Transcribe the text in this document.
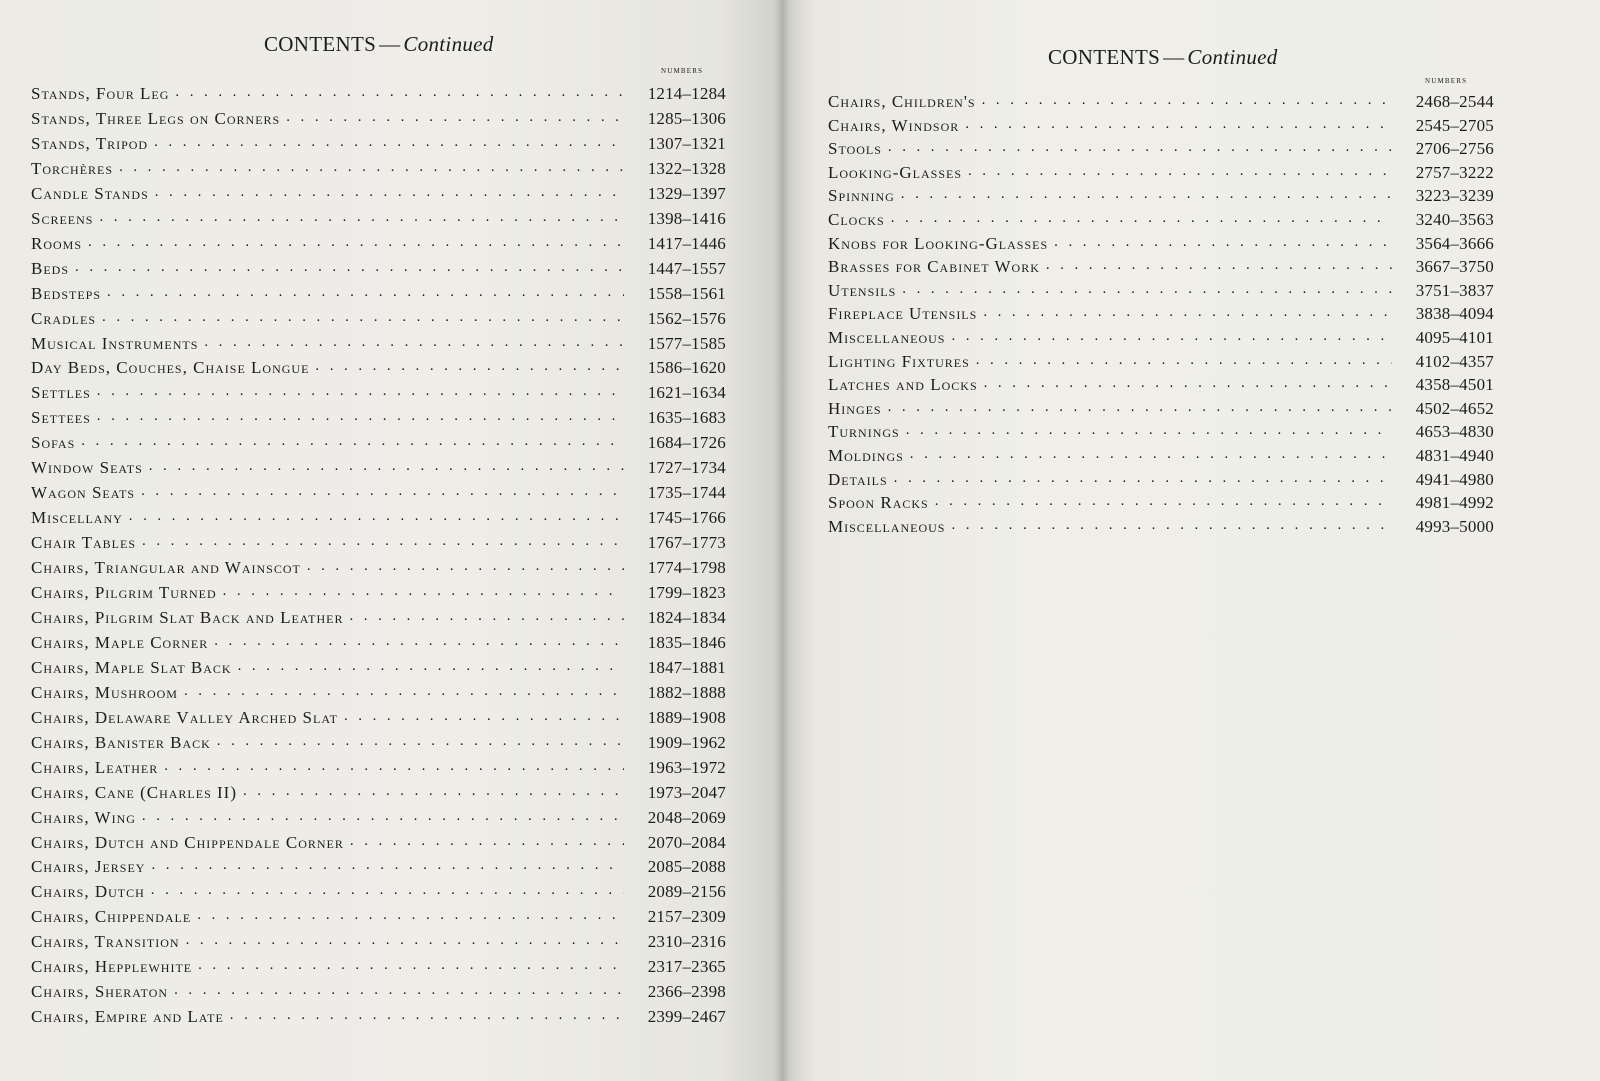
CONTENTS — Continued
numbers
Stands, Four Leg . . .	1214–1284
Stands, Three Legs on Corners . . .	1285–1306
Stands, Tripod . . .	1307–1321
Torchères . . .	1322–1328
Candle Stands . . .	1329–1397
Screens . . .	1398–1416
Rooms . . .	1417–1446
Beds . . .	1447–1557
Bedsteps . . .	1558–1561
Cradles . . .	1562–1576
Musical Instruments . . .	1577–1585
Day Beds, Couches, Chaise Longue . . .	1586–1620
Settles . . .	1621–1634
Settees . . .	1635–1683
Sofas . . .	1684–1726
Window Seats . . .	1727–1734
Wagon Seats . . .	1735–1744
Miscellany . . .	1745–1766
Chair Tables . . .	1767–1773
Chairs, Triangular and Wainscot . . .	1774–1798
Chairs, Pilgrim Turned . . .	1799–1823
Chairs, Pilgrim Slat Back and Leather . . .	1824–1834
Chairs, Maple Corner . . .	1835–1846
Chairs, Maple Slat Back . . .	1847–1881
Chairs, Mushroom . . .	1882–1888
Chairs, Delaware Valley Arched Slat . . .	1889–1908
Chairs, Banister Back . . .	1909–1962
Chairs, Leather . . .	1963–1972
Chairs, Cane (Charles II) . . .	1973–2047
Chairs, Wing . . .	2048–2069
Chairs, Dutch and Chippendale Corner . . .	2070–2084
Chairs, Jersey . . .	2085–2088
Chairs, Dutch . . .	2089–2156
Chairs, Chippendale . . .	2157–2309
Chairs, Transition . . .	2310–2316
Chairs, Hepplewhite . . .	2317–2365
Chairs, Sheraton . . .	2366–2398
Chairs, Empire and Late . . .	2399–2467
CONTENTS — Continued
numbers
Chairs, Children's . . .	2468–2544
Chairs, Windsor . . .	2545–2705
Stools . . .	2706–2756
Looking-Glasses . . .	2757–3222
Spinning . . .	3223–3239
Clocks . . .	3240–3563
Knobs for Looking-Glasses . . .	3564–3666
Brasses for Cabinet Work . . .	3667–3750
Utensils . . .	3751–3837
Fireplace Utensils . . .	3838–4094
Miscellaneous . . .	4095–4101
Lighting Fixtures . . .	4102–4357
Latches and Locks . . .	4358–4501
Hinges . . .	4502–4652
Turnings . . .	4653–4830
Moldings . . .	4831–4940
Details . . .	4941–4980
Spoon Racks . . .	4981–4992
Miscellaneous . . .	4993–5000
